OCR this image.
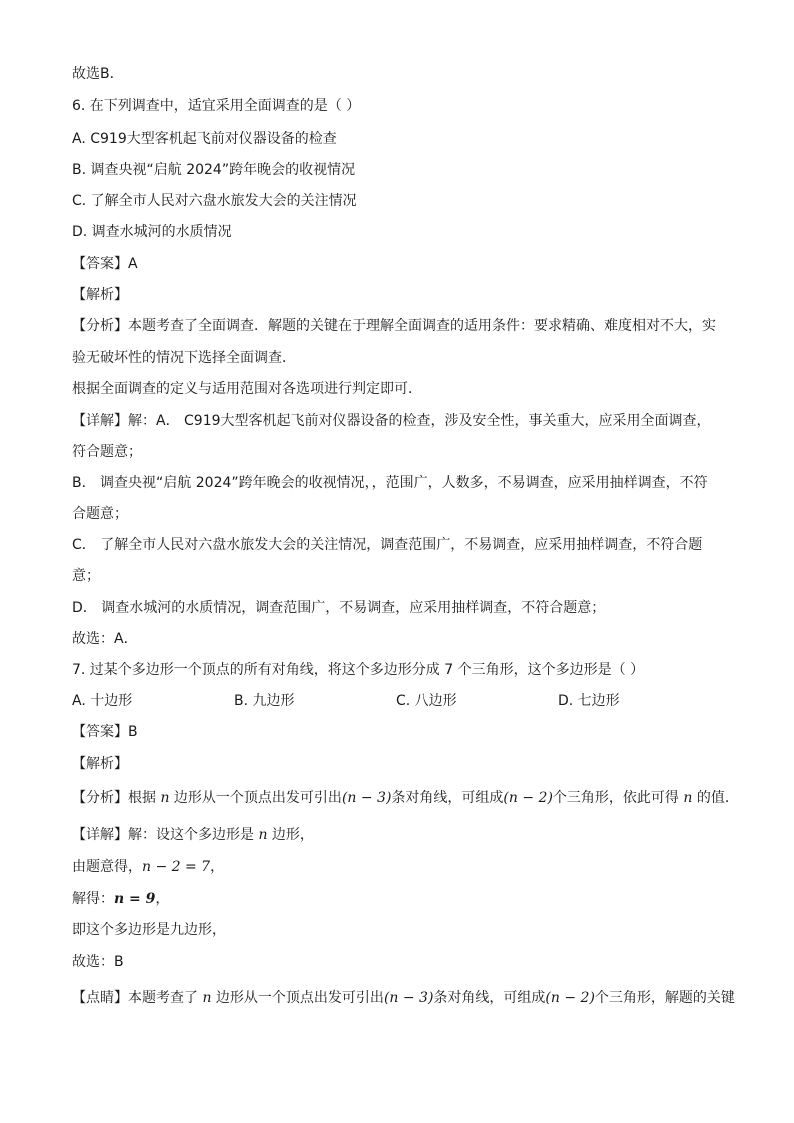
故选B．
6. 在下列调查中，适宜采用全面调查的是（ ）
A. C919大型客机起飞前对仪器设备的检查
B. 调查央视“启航 2024”跨年晚会的收视情况
C. 了解全市人民对六盘水旅发大会的关注情况
D. 调查水城河的水质情况
【答案】A
【解析】
【分析】本题考查了全面调查．解题的关键在于理解全面调查的适用条件：要求精确、难度相对不大，实
验无破坏性的情况下选择全面调查．
根据全面调查的定义与适用范围对各选项进行判定即可．
【详解】解：A． C919大型客机起飞前对仪器设备的检查，涉及安全性，事关重大，应采用全面调查，
符合题意；
B． 调查央视“启航 2024”跨年晚会的收视情况，，范围广，人数多，不易调查，应采用抽样调查，不符
合题意；
C． 了解全市人民对六盘水旅发大会的关注情况，调查范围广，不易调查，应采用抽样调查，不符合题
意；
D． 调查水城河的水质情况，调查范围广，不易调查，应采用抽样调查，不符合题意；
故选：A．
7. 过某个多边形一个顶点的所有对角线，将这个多边形分成 7 个三角形，这个多边形是（ ）
A. 十边形	B. 九边形	C. 八边形	D. 七边形
【答案】B
【解析】
【分析】根据 n 边形从一个顶点出发可引出(n − 3)条对角线，可组成(n − 2)个三角形，依此可得 n 的值．
【详解】解：设这个多边形是 n 边形，
由题意得，n − 2 = 7，
解得：n = 9，
即这个多边形是九边形，
故选：B
【点睛】本题考查了 n 边形从一个顶点出发可引出(n − 3)条对角线，可组成(n − 2)个三角形，解题的关键
